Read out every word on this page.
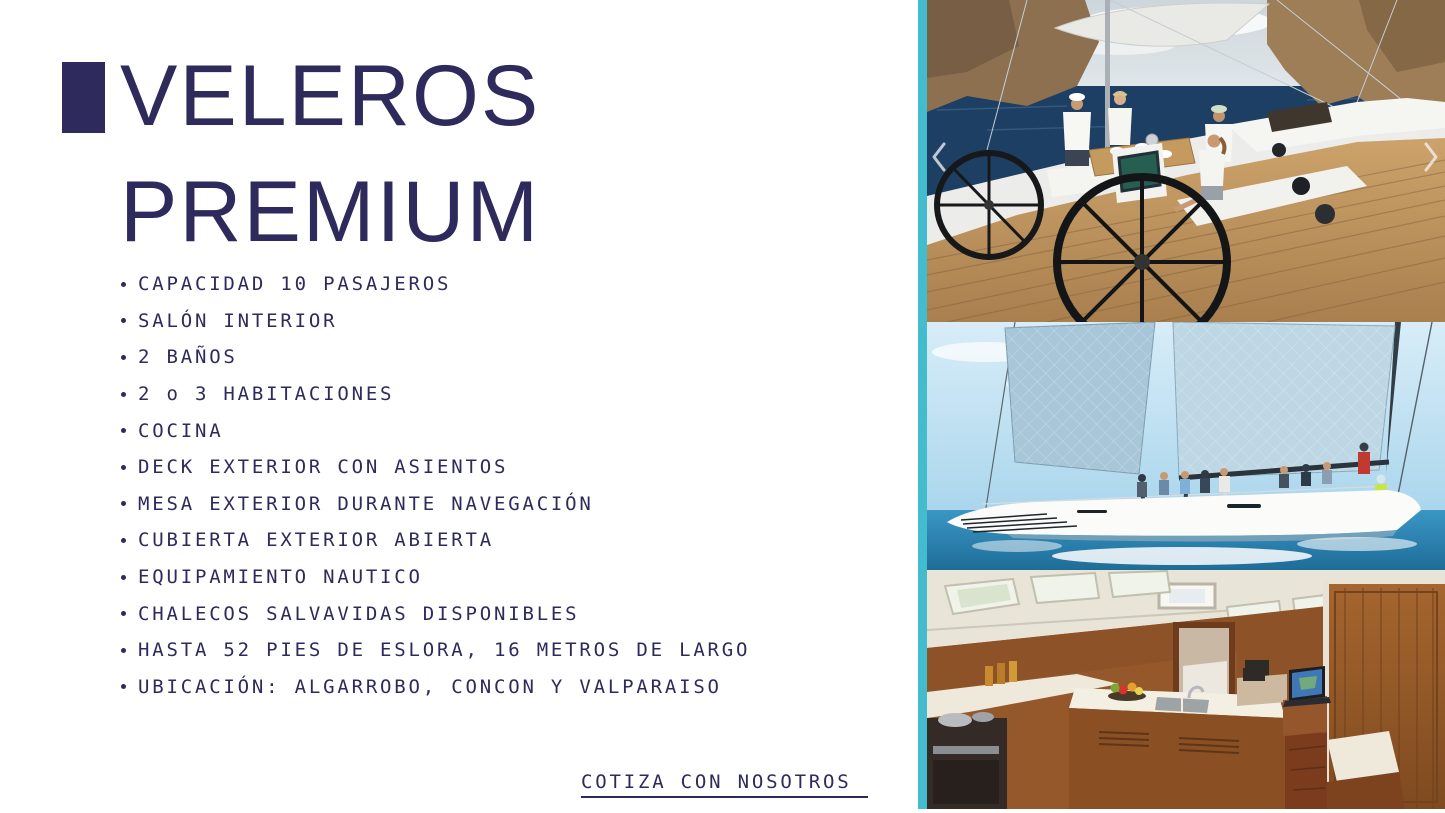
VELEROS
PREMIUM
CAPACIDAD 10 PASAJEROS
SALÓN INTERIOR
2 BAÑOS
2 o 3 HABITACIONES
COCINA
DECK EXTERIOR CON ASIENTOS
MESA EXTERIOR DURANTE NAVEGACIÓN
CUBIERTA EXTERIOR ABIERTA
EQUIPAMIENTO NAUTICO
CHALECOS SALVAVIDAS DISPONIBLES
HASTA 52 PIES DE ESLORA, 16 METROS DE LARGO
UBICACIÓN: ALGARROBO, CONCON Y VALPARAISO
COTIZA CON NOSOTROS
